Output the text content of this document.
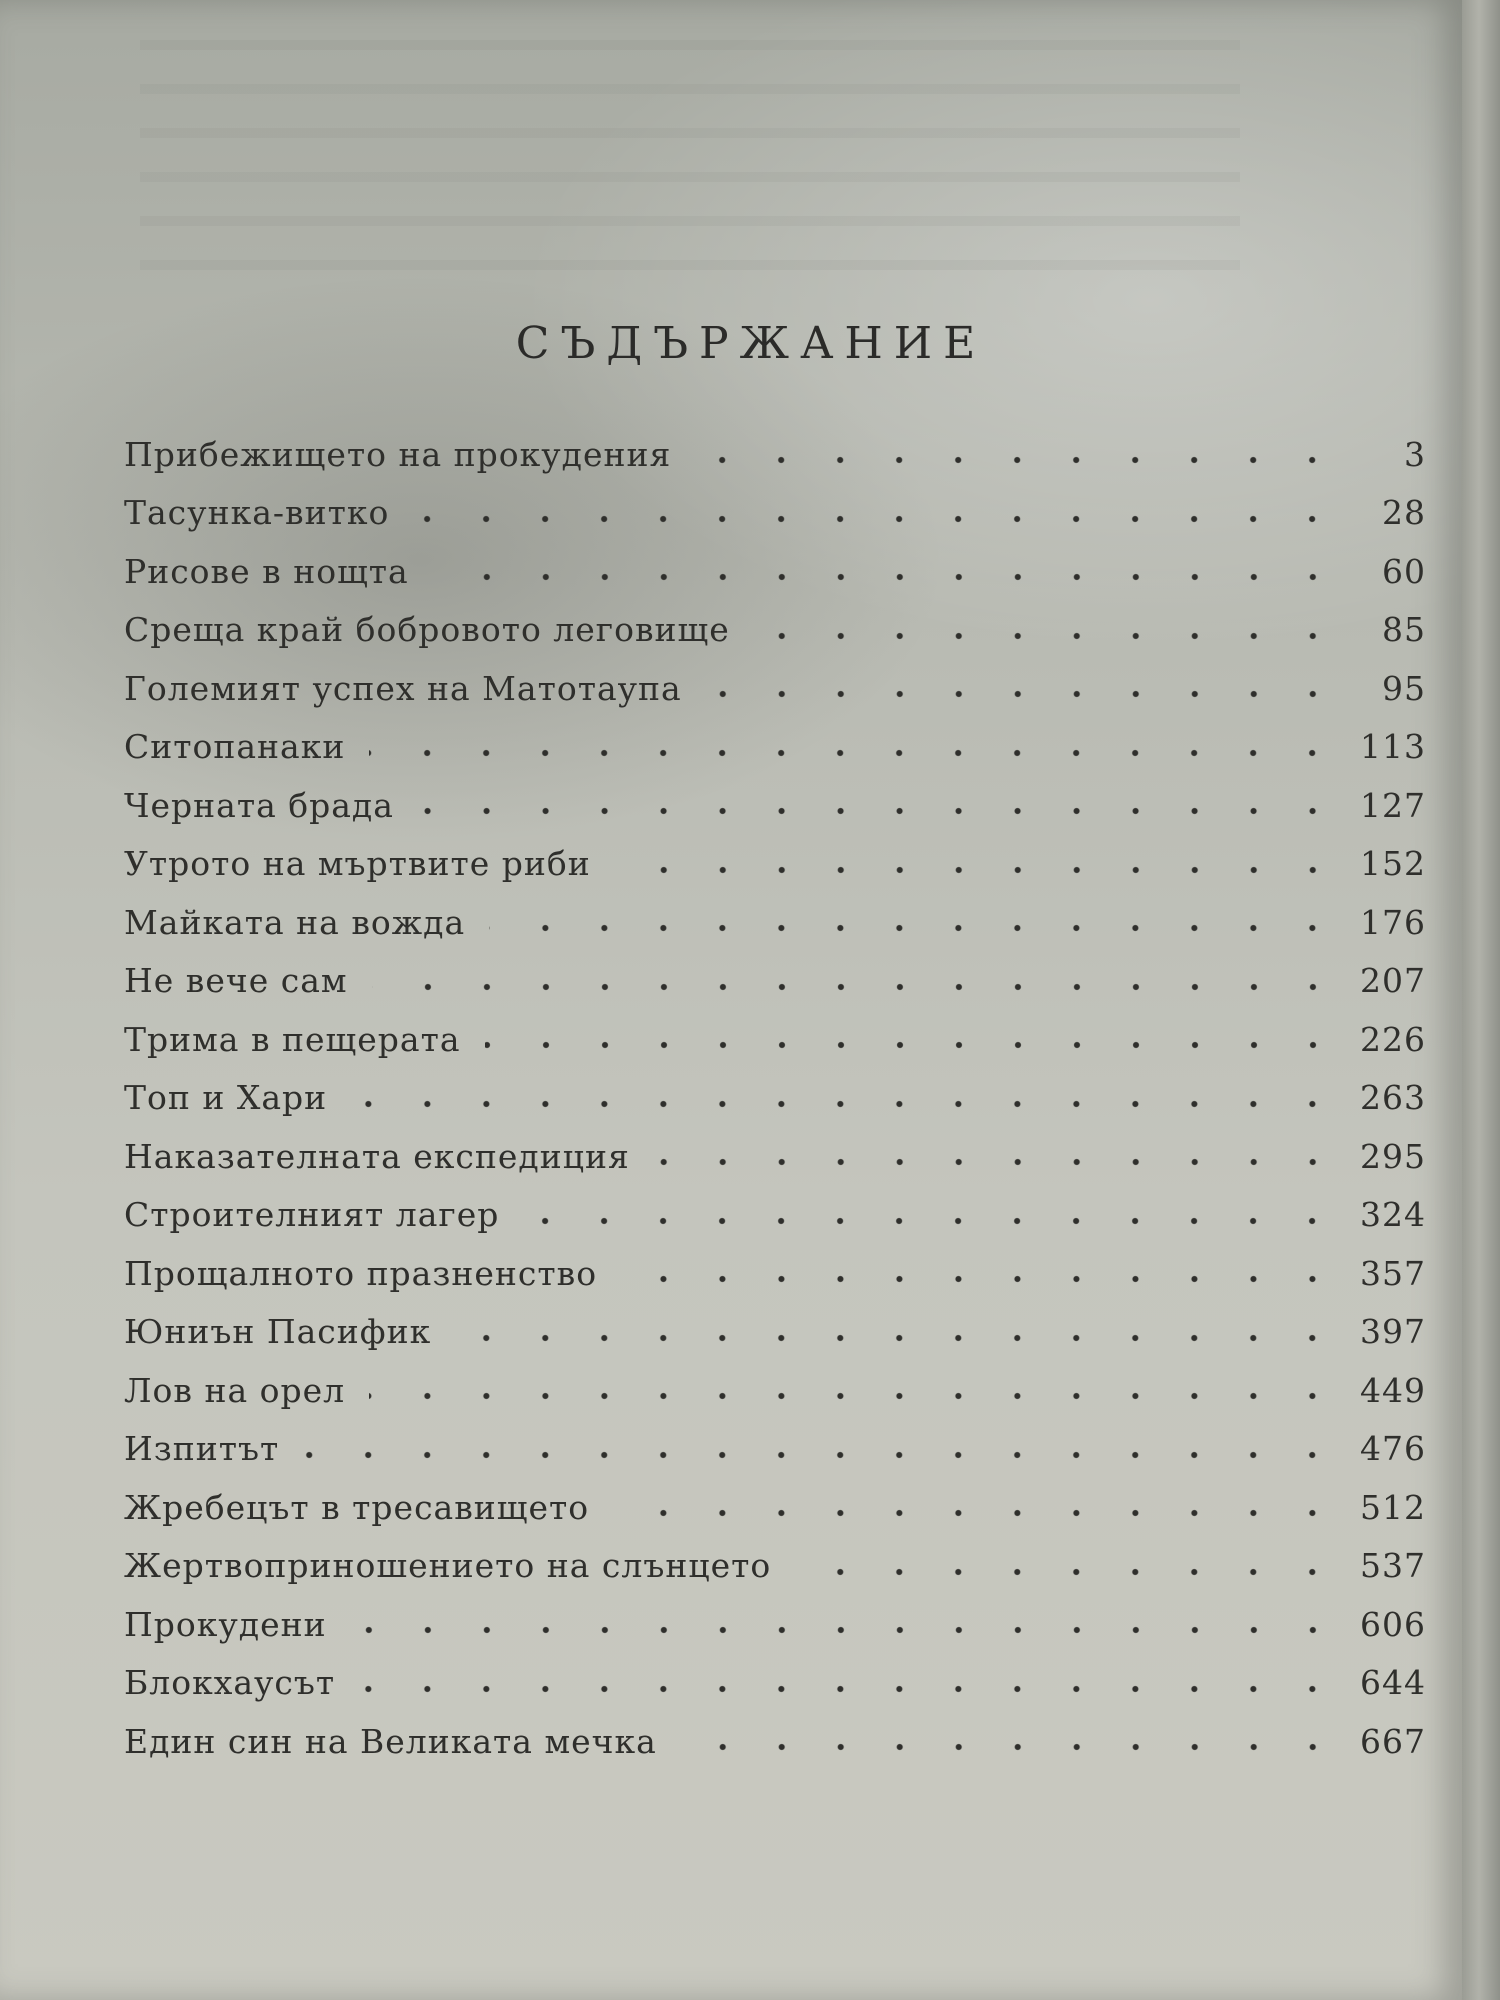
СЪДЪРЖАНИЕ
Прибежището на прокудения	3
Тасунка-витко	28
Рисове в нощта	60
Среща край бобровото леговище	85
Големият успех на Матотаупа	95
Ситопанаки	113
Черната брада	127
Утрото на мъртвите риби	152
Майката на вожда	176
Не вече сам	207
Трима в пещерата	226
Топ и Хари	263
Наказателната експедиция	295
Строителният лагер	324
Прощалното празненство	357
Юниън Пасифик	397
Лов на орел	449
Изпитът	476
Жребецът в тресавището	512
Жертвоприношението на слънцето	537
Прокудени	606
Блокхаусът	644
Един син на Великата мечка	667
